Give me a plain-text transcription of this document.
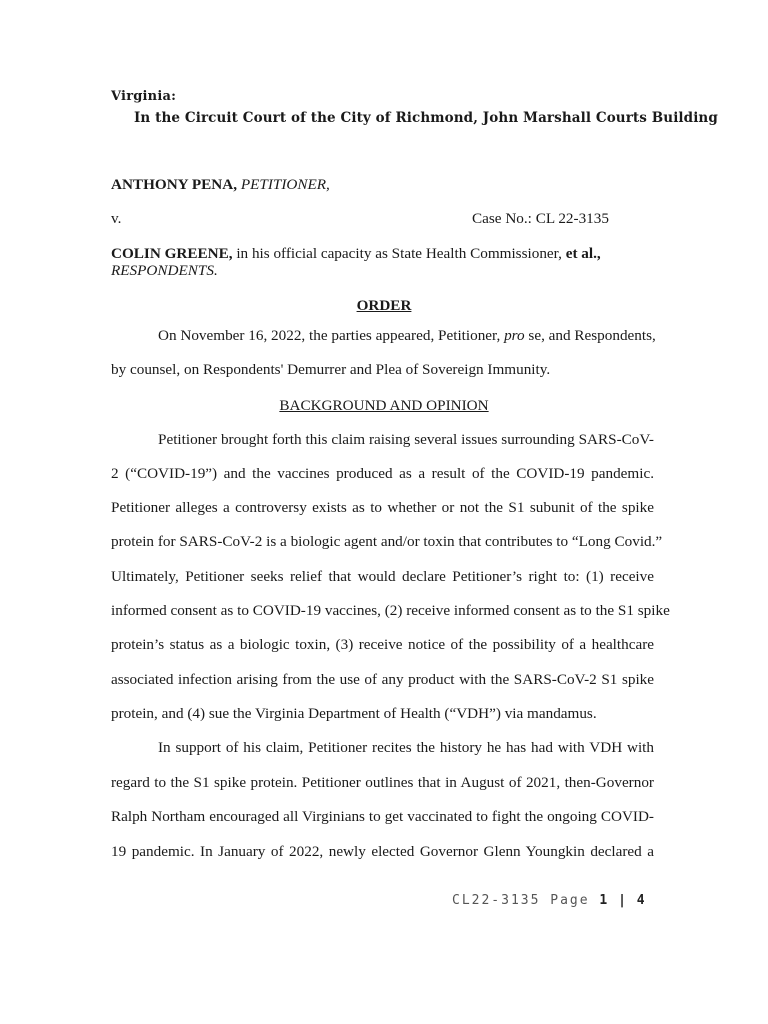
Virginia:
In the Circuit Court of the City of Richmond, John Marshall Courts Building
ANTHONY PENA, PETITIONER,
v.	Case No.: CL 22-3135
COLIN GREENE, in his official capacity as State Health Commissioner, et al.,
RESPONDENTS.
ORDER
On November 16, 2022, the parties appeared, Petitioner, pro se, and Respondents,
by counsel, on Respondents' Demurrer and Plea of Sovereign Immunity.
BACKGROUND AND OPINION
Petitioner brought forth this claim raising several issues surrounding SARS-CoV-
2 (“COVID-19”) and the vaccines produced as a result of the COVID-19 pandemic.
Petitioner alleges a controversy exists as to whether or not the S1 subunit of the spike
protein for SARS-CoV-2 is a biologic agent and/or toxin that contributes to “Long Covid.”
Ultimately, Petitioner seeks relief that would declare Petitioner’s right to: (1) receive
informed consent as to COVID-19 vaccines, (2) receive informed consent as to the S1 spike
protein’s status as a biologic toxin, (3) receive notice of the possibility of a healthcare
associated infection arising from the use of any product with the SARS-CoV-2 S1 spike
protein, and (4) sue the Virginia Department of Health (“VDH”) via mandamus.
In support of his claim, Petitioner recites the history he has had with VDH with
regard to the S1 spike protein. Petitioner outlines that in August of 2021, then-Governor
Ralph Northam encouraged all Virginians to get vaccinated to fight the ongoing COVID-
19 pandemic. In January of 2022, newly elected Governor Glenn Youngkin declared a
CL22-3135 Page 1 | 4
